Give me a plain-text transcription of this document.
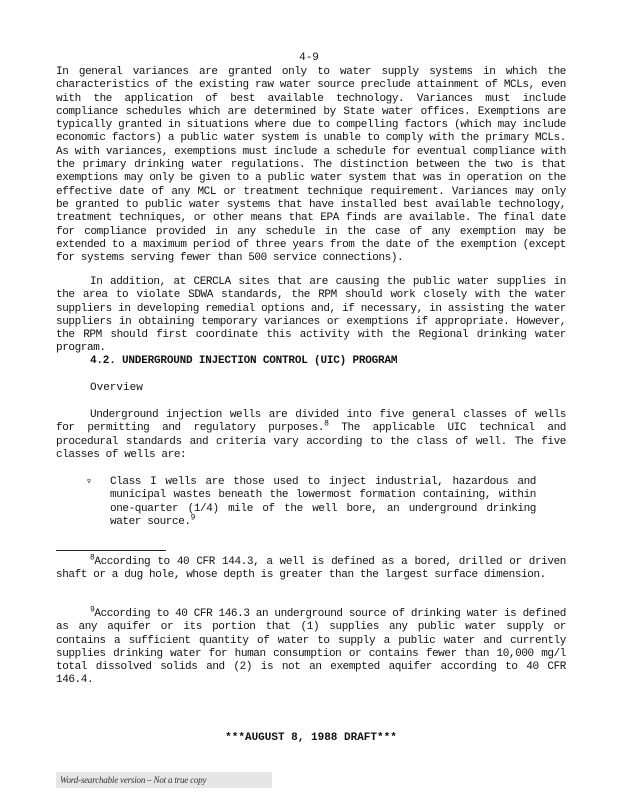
4-9

In general variances are granted only to water supply systems in which the characteristics of the existing raw water source preclude attainment of MCLs, even with the application of best available technology. Variances must include compliance schedules which are determined by State water offices. Exemptions are typically granted in situations where due to compelling factors (which may include economic factors) a public water system is unable to comply with the primary MCLs. As with variances, exemptions must include a schedule for eventual compliance with the primary drinking water regulations. The distinction between the two is that exemptions may only be given to a public water system that was in operation on the effective date of any MCL or treatment technique requirement. Variances may only be granted to public water systems that have installed best available technology, treatment techniques, or other means that EPA finds are available. The final date for compliance provided in any schedule in the case of any exemption may be extended to a maximum period of three years from the date of the exemption (except for systems serving fewer than 500 service connections).

In addition, at CERCLA sites that are causing the public water supplies in the area to violate SDWA standards, the RPM should work closely with the water suppliers in developing remedial options and, if necessary, in assisting the water suppliers in obtaining temporary variances or exemptions if appropriate. However, the RPM should first coordinate this activity with the Regional drinking water program.

4.2. UNDERGROUND INJECTION CONTROL (UIC) PROGRAM
Overview

Underground injection wells are divided into five general classes of wells for permitting and regulatory purposes.$^8$ The applicable UIC technical and procedural standards and criteria vary according to the class of well. The five classes of wells are:

▿ Class I wells are those used to inject industrial, hazardous and municipal wastes beneath the lowermost formation containing, within one-quarter (1/4) mile of the well bore, an underground drinking water source.$^9$

$^8$According to 40 CFR 144.3, a well is defined as a bored, drilled or driven shaft or a dug hole, whose depth is greater than the largest surface dimension.

$^9$According to 40 CFR 146.3 an underground source of drinking water is defined as any aquifer or its portion that (1) supplies any public water supply or contains a sufficient quantity of water to supply a public water and currently supplies drinking water for human consumption or contains fewer than 10,000 mg/l total dissolved solids and (2) is not an exempted aquifer according to 40 CFR 146.4.

***AUGUST 8, 1988 DRAFT***
Word-searchable version – Not a true copy
